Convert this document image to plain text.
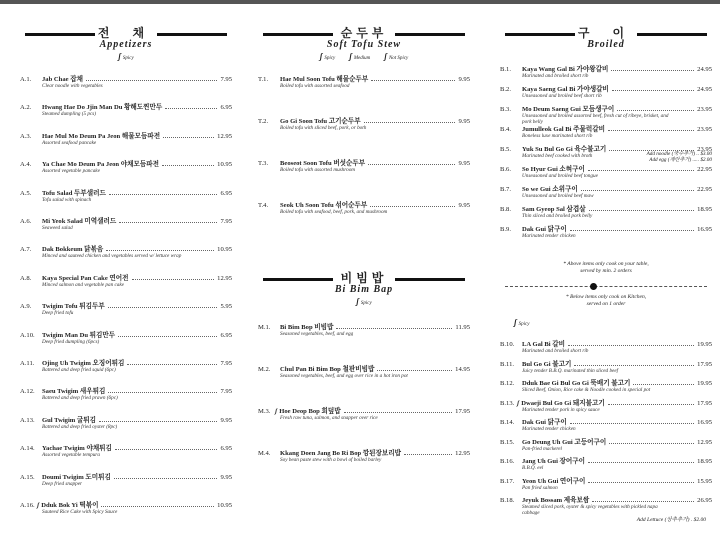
전 채
Appetizers
ʃ Spicy
A.1.	Jab Chae 잡채	7.95
Clear noodle with vegetables
A.2.	Hwang Hae Do Jjin Man Du 황해도찐만두	6.95
Steamed dumpling (5 pcs)
A.3.	Hae Mul Mo Deum Pa Jeon 해물모듬파전	12.95
Assorted seafood pancake
A.4.	Ya Chae Mo Deum Pa Jeon 야채모듬파전	10.95
Assorted vegetable pancake
A.5.	Tofu Salad 두부샐러드	6.95
Tofu salad with spinach
A.6.	Mi Yeok Salad 미역샐러드	7.95
Seaweed salad
A.7.	Dak Bokkeum 닭볶음	10.95
Minced and sauteed chicken and vegetables served w/ lettuce wrap
A.8.	Kaya Special Pan Cake 연어전	12.95
Minced salmon and vegetable pan cake
A.9.	Twigim Tofu 튀김두부	5.95
Deep fried tofu
A.10.	Twigim Man Du 튀김만두	6.95
Deep fried dumpling (6pcs)
A.11.	Ojing Uh Twigim 오징어튀김	7.95
Battered and deep fried squid (6pc)
A.12.	Saeu Twigim 새우튀김	7.95
Battered and deep fried prawn (6pc)
A.13.	Gul Twigim 굴튀김	9.95
Battered and deep fried oyster (8pc)
A.14.	Yachae Twigim 야채튀김	6.95
Assorted vegetable tempura
A.15.	Doumi Twigim 도미튀김	9.95
Deep fried snapper
A.16. ʃ Dduk Bok Yi 떡볶이	10.95
Sauteed Rice Cake with Spicy Sauce
순두부
Soft Tofu Stew
ʃ Spicy ʃ Medium ʃ Not Spicy
T.1.	Hae Mul Soon Tofu 해물순두부	9.95
Boiled tofu with assorted seafood
T.2.	Go Gi Soon Tofu 고기순두부	9.95
Boiled tofu with sliced beef, pork, or both
T.3.	Beoseot Soon Tofu 버섯순두부	9.95
Boiled tofu with assorted mushroom
T.4.	Seok Uh Soon Tofu 섞어순두부	9.95
Boiled tofu with seafood, beef, pork, and mushroom
비빔밥
Bi Bim Bap
ʃ Spicy
M.1.	Bi Bim Bop 비빔밥	11.95
Seasoned vegetables, beef, and egg
M.2.	Chul Pan Bi Bim Bop 철판비빔밥	14.95
Seasoned vegetables, beef, and egg over rice in a hot iron pot
M.3. ʃ Hoe Deop Bop 회덮밥	17.95
Fresh raw tuna, salmon, and snapper over rice
M.4.	Kkang Doen Jang Bo Ri Bop 깡된장보리밥	12.95
Soy bean paste stew with a bowl of boiled barley
구 이
Broiled
B.1.	Kaya Wang Gal Bi 가야왕갈비	24.95
Marinated and broiled short rib
B.2.	Kaya Saeng Gal Bi 가야생갈비	24.95
Unseasoned and broiled beef short rib
B.3.	Mo Deum Saeng Gui 모듬생구이	23.95
Unseasoned and broiled assorted beef, fresh cut of ribeye, brisket, and pork belly
B.4.	Jumulleok Gal Bi 주물럭갈비	23.95
Boneless luxe marinated short rib
B.5.	Yuk Su Bul Go Gi 육수불고기	23.95
Marinated beef cooked with broth	Add noodle (국수추가) .. $3.00
Add egg (계란추가) ..... $2.00
B.6.	So Hyur Gui 소혀구이	22.95
Unseasoned and broiled beef tongue
B.7.	So we Gui 소위구이	22.95
Unseasoned and broiled beef maw
B.8.	Sam Gyeop Sal 삼겹살	18.95
Thin sliced and broiled pork belly
B.9.	Dak Gui 닭구이	16.95
Marinated tender chicken
* Above items only cook on your table,
served by min. 2 orders
* Below items only cook on Kitchen,
served on 1 order
ʃ Spicy
B.10.	LA Gal Bi 갈비	19.95
Marinated and broiled short rib
B.11.	Bul Go Gi 불고기	17.95
Juicy tender B.B.Q. marinated thin sliced beef
B.12.	Dduk Bae Gi Bul Go Gi 뚝배기 불고기	19.95
Sliced Beef, Onion, Rice cake & Noodle cooked in special pot
B.13. ʃ Dwaeji Bul Go Gi 돼지불고기	17.95
Marinated tender pork in spicy sauce
B.14.	Dak Gui 닭구이	16.95
Marinated tender chicken
B.15.	Go Deung Uh Gui 고등어구이	12.95
Pan-fried mackerel
B.16.	Jang Uh Gui 장어구이	18.95
B.B.Q. eel
B.17.	Yeon Uh Gui 연어구이	15.95
Pan fried salmon
B.18.	Jeyuk Bossam 제육보쌈	26.95
Steamed sliced pork, oyster & spicy vegetables with pickled napa cabbage
Add Lettuce (상추추가) . $2.00
